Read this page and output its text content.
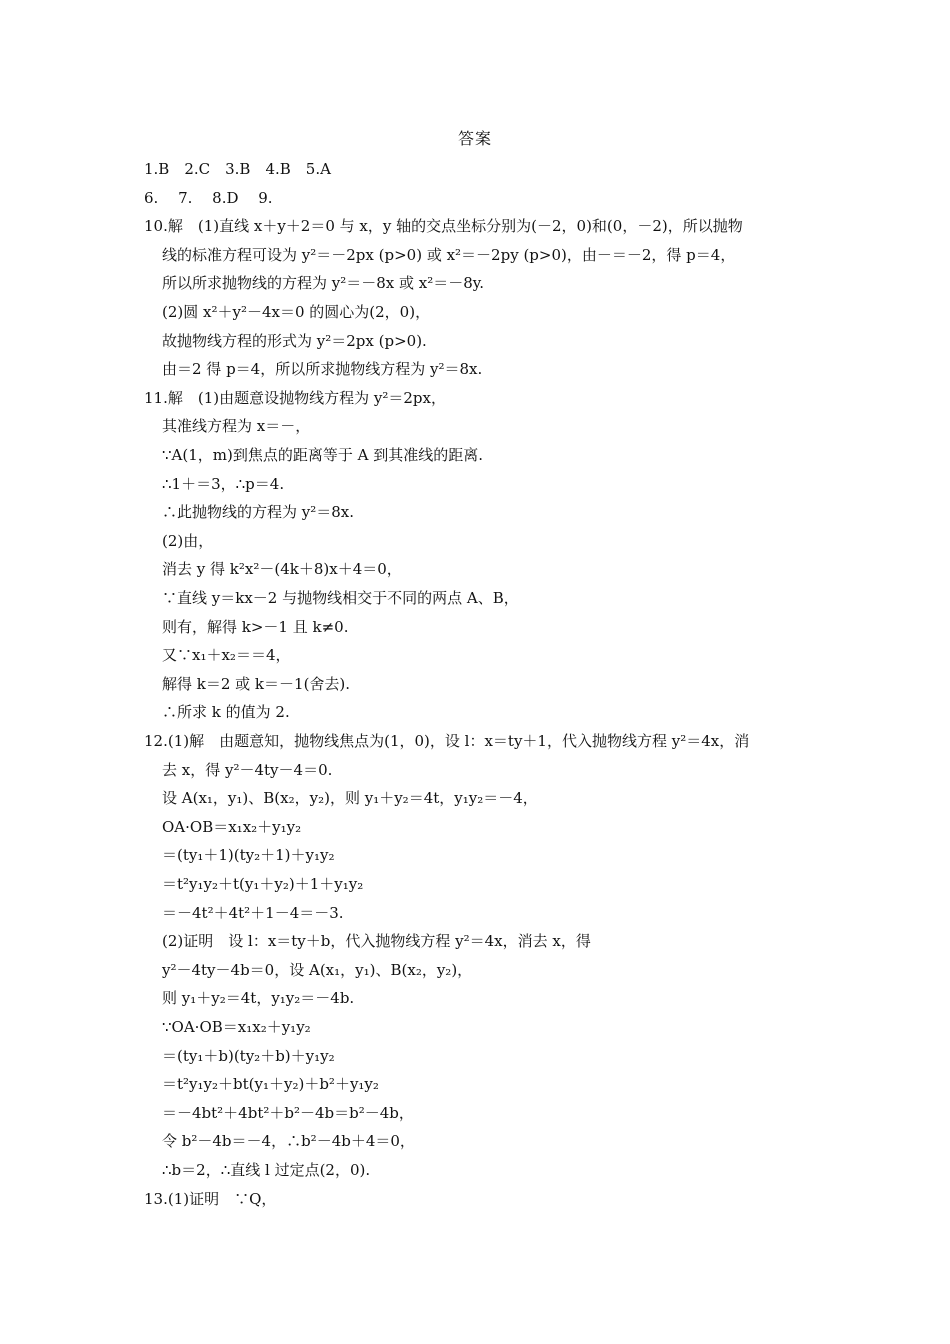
答案
1.B　2.C　3.B　4.B　5.A
6.　 7.　 8.D　 9.
10.解　(1)直线 x＋y＋2＝0 与 x，y 轴的交点坐标分别为(－2，0)和(0，－2)，所以抛物
线的标准方程可设为 y²＝－2px (p>0) 或 x²＝－2py (p>0)，由－＝－2，得 p＝4，
所以所求抛物线的方程为 y²＝－8x 或 x²＝－8y.
(2)圆 x²＋y²－4x＝0 的圆心为(2，0)，
故抛物线方程的形式为 y²＝2px (p>0).
由＝2 得 p＝4，所以所求抛物线方程为 y²＝8x.
11.解　(1)由题意设抛物线方程为 y²＝2px，
其准线方程为 x＝－，
∵A(1，m)到焦点的距离等于 A 到其准线的距离.
∴1＋＝3，∴p＝4.
∴此抛物线的方程为 y²＝8x.
(2)由，
消去 y 得 k²x²－(4k＋8)x＋4＝0，
∵直线 y＝kx－2 与抛物线相交于不同的两点 A、B，
则有，解得 k>－1 且 k≠0.
又∵x₁＋x₂＝＝4，
解得 k＝2 或 k＝－1(舍去).
∴所求 k 的值为 2.
12.(1)解　由题意知，抛物线焦点为(1，0)，设 l：x＝ty＋1，代入抛物线方程 y²＝4x，消
去 x，得 y²－4ty－4＝0.
设 A(x₁，y₁)、B(x₂，y₂)，则 y₁＋y₂＝4t，y₁y₂＝－4，
OA·OB＝x₁x₂＋y₁y₂
＝(ty₁＋1)(ty₂＋1)＋y₁y₂
＝t²y₁y₂＋t(y₁＋y₂)＋1＋y₁y₂
＝－4t²＋4t²＋1－4＝－3.
(2)证明　设 l：x＝ty＋b，代入抛物线方程 y²＝4x，消去 x，得
y²－4ty－4b＝0，设 A(x₁，y₁)、B(x₂，y₂)，
则 y₁＋y₂＝4t，y₁y₂＝－4b.
∵OA·OB＝x₁x₂＋y₁y₂
＝(ty₁＋b)(ty₂＋b)＋y₁y₂
＝t²y₁y₂＋bt(y₁＋y₂)＋b²＋y₁y₂
＝－4bt²＋4bt²＋b²－4b＝b²－4b，
令 b²－4b＝－4，∴b²－4b＋4＝0，
∴b＝2，∴直线 l 过定点(2，0).
13.(1)证明　∵Q，
